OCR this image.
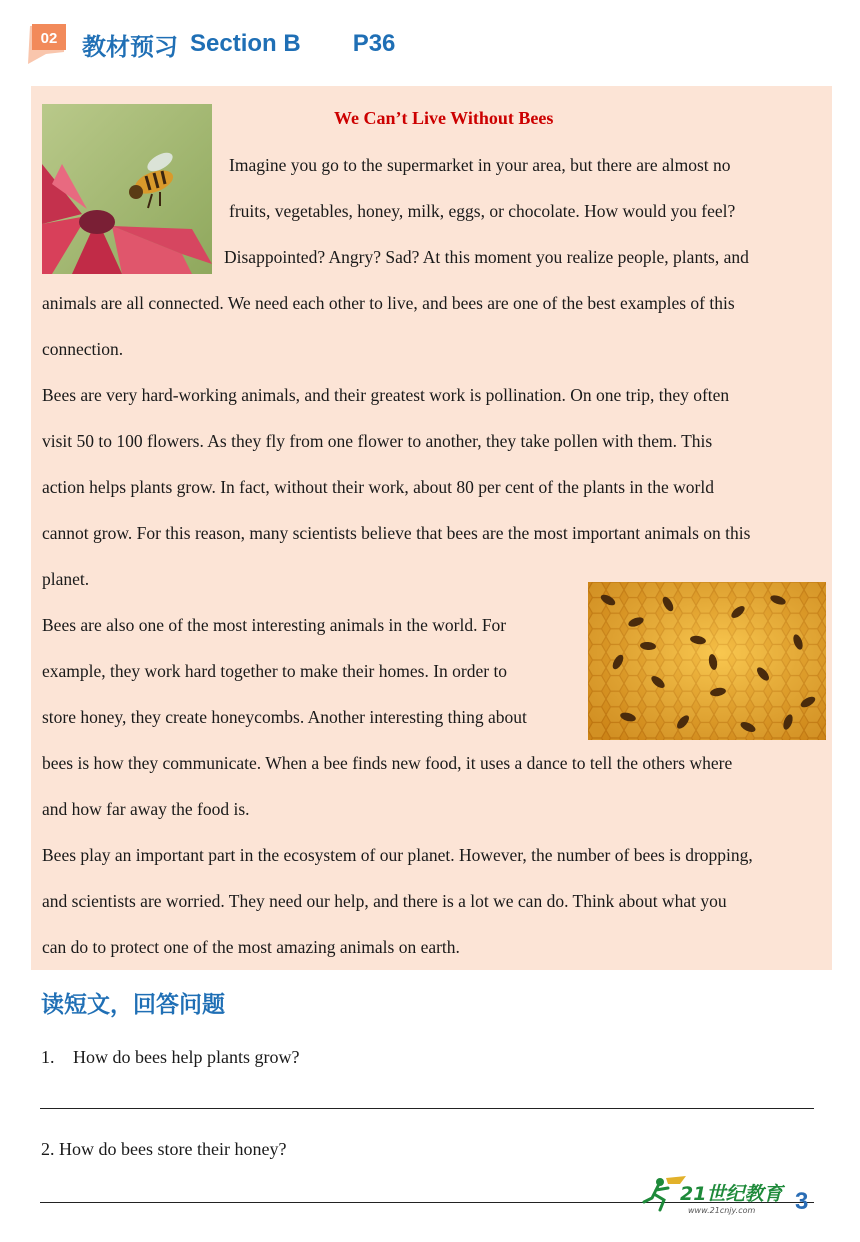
02 教材预习 Section B P36
We Can’t Live Without Bees
Imagine you go to the supermarket in your area, but there are almost no
fruits, vegetables, honey, milk, eggs, or chocolate. How would you feel?
Disappointed? Angry? Sad? At this moment you realize people, plants, and
animals are all connected. We need each other to live, and bees are one of the best examples of this
connection.
Bees are very hard-working animals, and their greatest work is pollination. On one trip, they often
visit 50 to 100 flowers. As they fly from one flower to another, they take pollen with them. This
action helps plants grow. In fact, without their work, about 80 per cent of the plants in the world
cannot grow. For this reason, many scientists believe that bees are the most important animals on this
planet.
Bees are also one of the most interesting animals in the world. For
example, they work hard together to make their homes. In order to
store honey, they create honeycombs. Another interesting thing about
bees is how they communicate. When a bee finds new food, it uses a dance to tell the others where
and how far away the food is.
Bees play an important part in the ecosystem of our planet. However, the number of bees is dropping,
and scientists are worried. They need our help, and there is a lot we can do. Think about what you
can do to protect one of the most amazing animals on earth.
读短文，回答问题
1. How do bees help plants grow?
2. How do bees store their honey?
21世纪教育
www.21cnjy.com 3
